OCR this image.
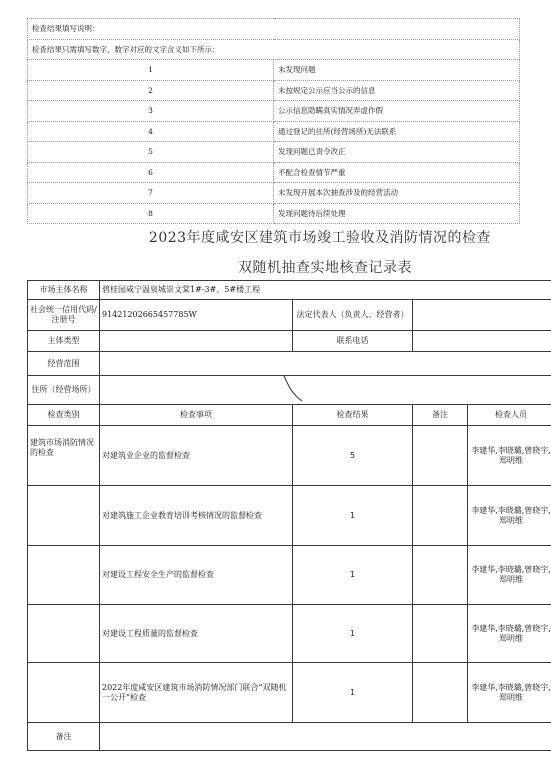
检查结果填写说明：	
检查结果只需填写数字，数字对应的文字含义如下所示：	
1	未发现问题
2	未按规定公示应当公示的信息
3	公示信息隐瞒真实情况弄虚作假
4	通过登记的住所(经营场所)无法联系
5	发现问题已责令改正
6	不配合检查情节严重
7	未发现开展本次抽查涉及的经营活动
8	发现问题待后续处理
2023年度咸安区建筑市场竣工验收及消防情况的检查
双随机抽查实地核查记录表
市场主体名称	碧桂园咸宁温泉城崇文棠1#-3#、5#楼工程			
社会统一信用代码/注册号	91421202665457785W	法定代表人（负责人、经营者）		
主体类型		联系电话		
经营范围				
住所（经营场所）	

检查类别	检查事项	检查结果	备注	检查人员
建筑市场消防情况的检查	对建筑业企业的监督检查	5		李建华,李晓璐,曾晓宇,郑明维
	对建筑施工企业教育培训考核情况的监督检查	1		李建华,李晓璐,曾晓宇,郑明维
	对建设工程安全生产的监督检查	1		李建华,李晓璐,曾晓宇,郑明维
	对建设工程质量的监督检查	1		李建华,李晓璐,曾晓宇,郑明维
	2022年度咸安区建筑市场消防情况部门联合“双随机一公开”检查	1		李建华,李晓璐,曾晓宇,郑明维
备注				
